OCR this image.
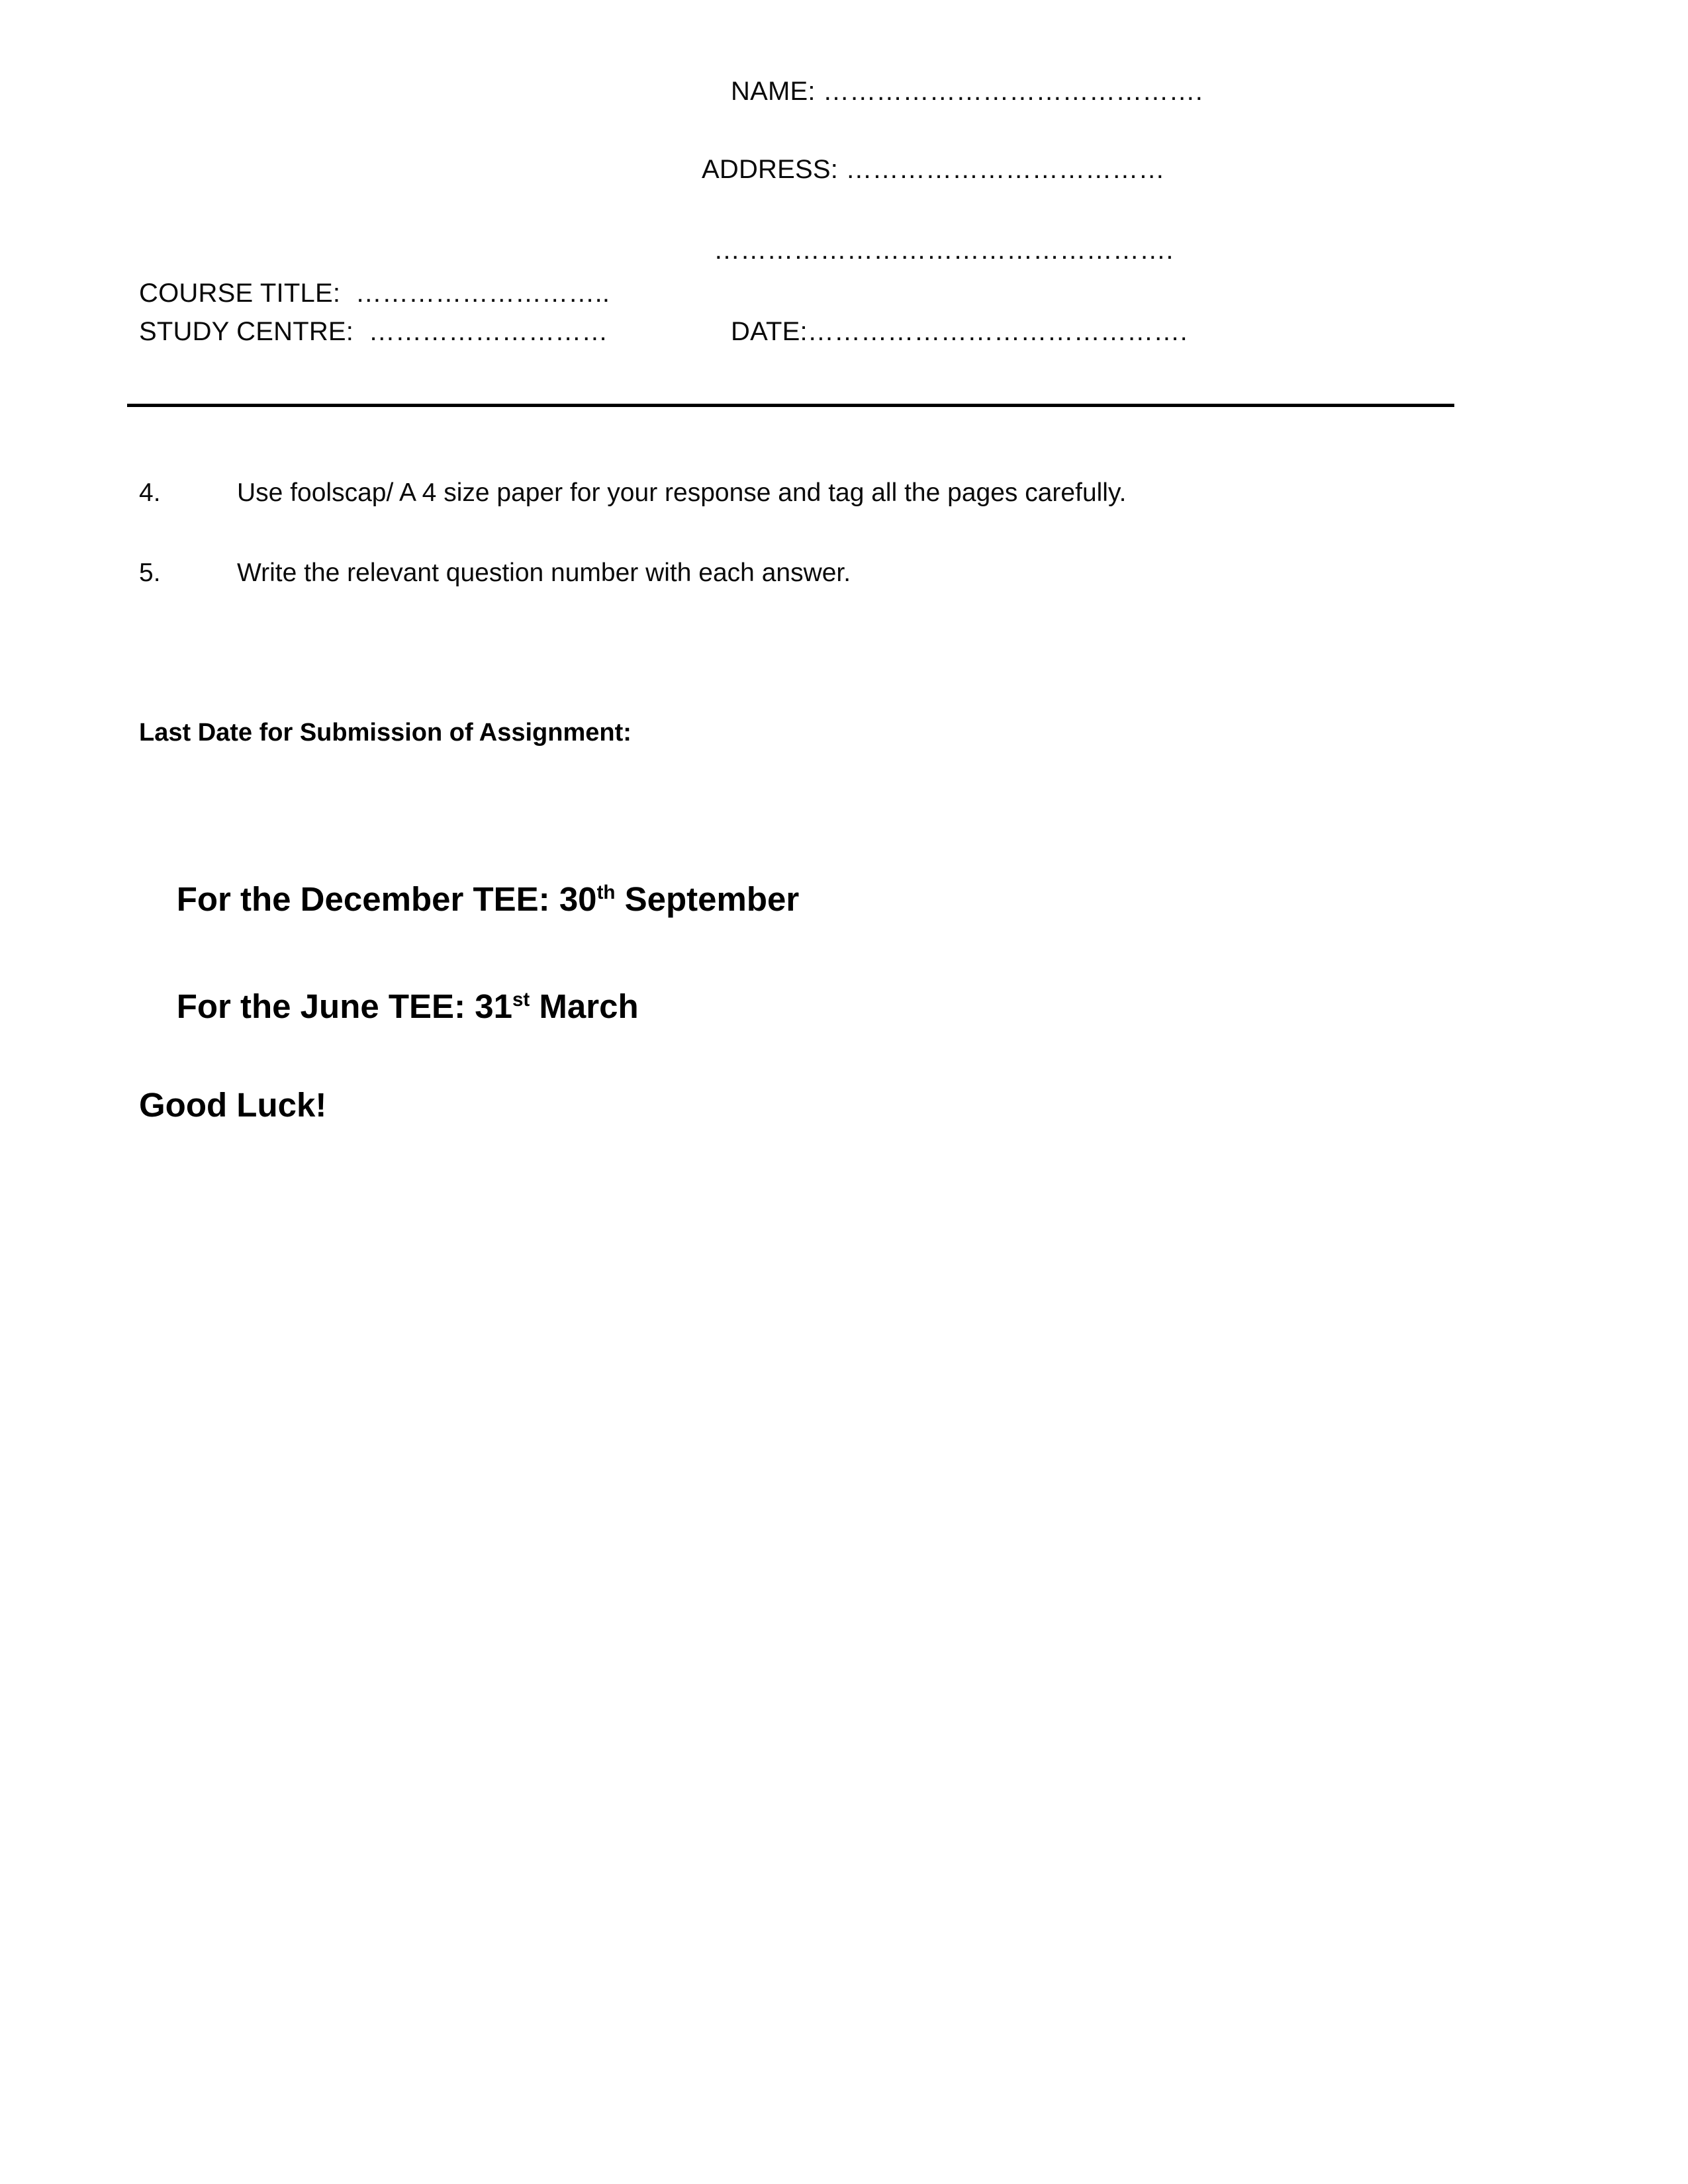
NAME: …………………………………….
ADDRESS: ………………………………
…………………………………………….
COURSE TITLE:  ………………………..
STUDY CENTRE:  ………………………	DATE:…………………………………….
4.	Use foolscap/ A 4 size paper for your response and tag all the pages carefully.
5.	Write the relevant question number with each answer.
Last Date for Submission of Assignment:

For the December TEE: 30th September

For the June TEE: 31st March

Good Luck!
